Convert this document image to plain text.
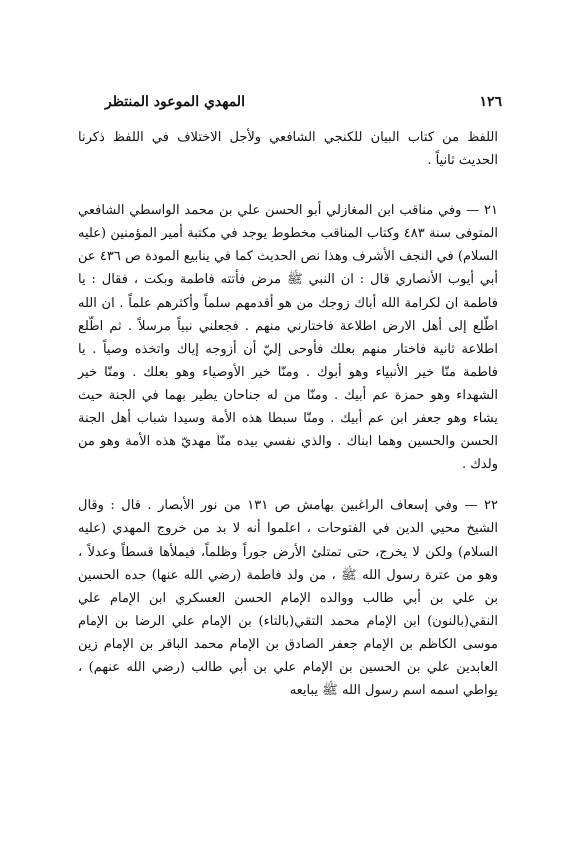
المهدي الموعود المنتظر	١٢٦

اللفظ من كتاب البيان للكنجي الشافعي ولأجل الاختلاف في اللفظ ذكرنا الحديث ثانياً .

٢١ — وفي مناقب ابن المغازلي أبو الحسن علي بن محمد الواسطي الشافعي المتوفى سنة ٤٨٣ وكتاب المناقب مخطوط يوجد في مكتبة أمير المؤمنين (عليه السلام) في النجف الأشرف وهذا نص الحديث كما في ينابيع المودة ص ٤٣٦ عن أبي أيوب الأنصاري قال : ان النبي ﷺ مرض فأتته فاطمة وبكت ، فقال : يا فاطمة ان لكرامة الله أباك زوجك من هو أقدمهم سلماً وأكثرهم علماً . ان الله اطّلع إلى أهل الارض اطلاعة فاختارني منهم . فجعلني نبياً مرسلاً . ثم اطّلع اطلاعة ثانية فاختار منهم بعلك فأوحى إليّ أن أزوجه إياك واتخذه وصياً . يا فاطمة منّا خير الأنبياء وهو أبوك . ومنّا خير الأوصياء وهو بعلك . ومنّا خير الشهداء وهو حمزة عم أبيك . ومنّا من له جناحان يطير بهما في الجنة حيث يشاء وهو جعفر ابن عم أبيك . ومنّا سبطا هذه الأمة وسيدا شباب أهل الجنة الحسن والحسين وهما ابناك . والذي نفسي بيده منّا مهديّ هذه الأمة وهو من ولدك .

٢٢ — وفي إسعاف الراغبين بهامش ص ١٣١ من نور الأبصار . قال : وقال الشيخ محيي الدين في الفتوحات ، اعلموا أنه لا بد من خروج المهدي (عليه السلام) ولكن لا يخرج، حتى تمتلئ الأرض جوراً وظلماً، فيملأها قسطاً وعدلاً ، وهو من عترة رسول الله ﷺ ، من ولد فاطمة (رضي الله عنها) جده الحسين بن علي بن أبي طالب ووالده الإمام الحسن العسكري ابن الإمام علي النقي(بالنون) ابن الإمام محمد التقي(بالتاء) بن الإمام علي الرضا بن الإمام موسى الكاظم بن الإمام جعفر الصادق بن الإمام محمد الباقر بن الإمام زين العابدين علي بن الحسين بن الإمام علي بن أبي طالب (رضي الله عنهم) ، يواطي اسمه اسم رسول الله ﷺ يبايعه
